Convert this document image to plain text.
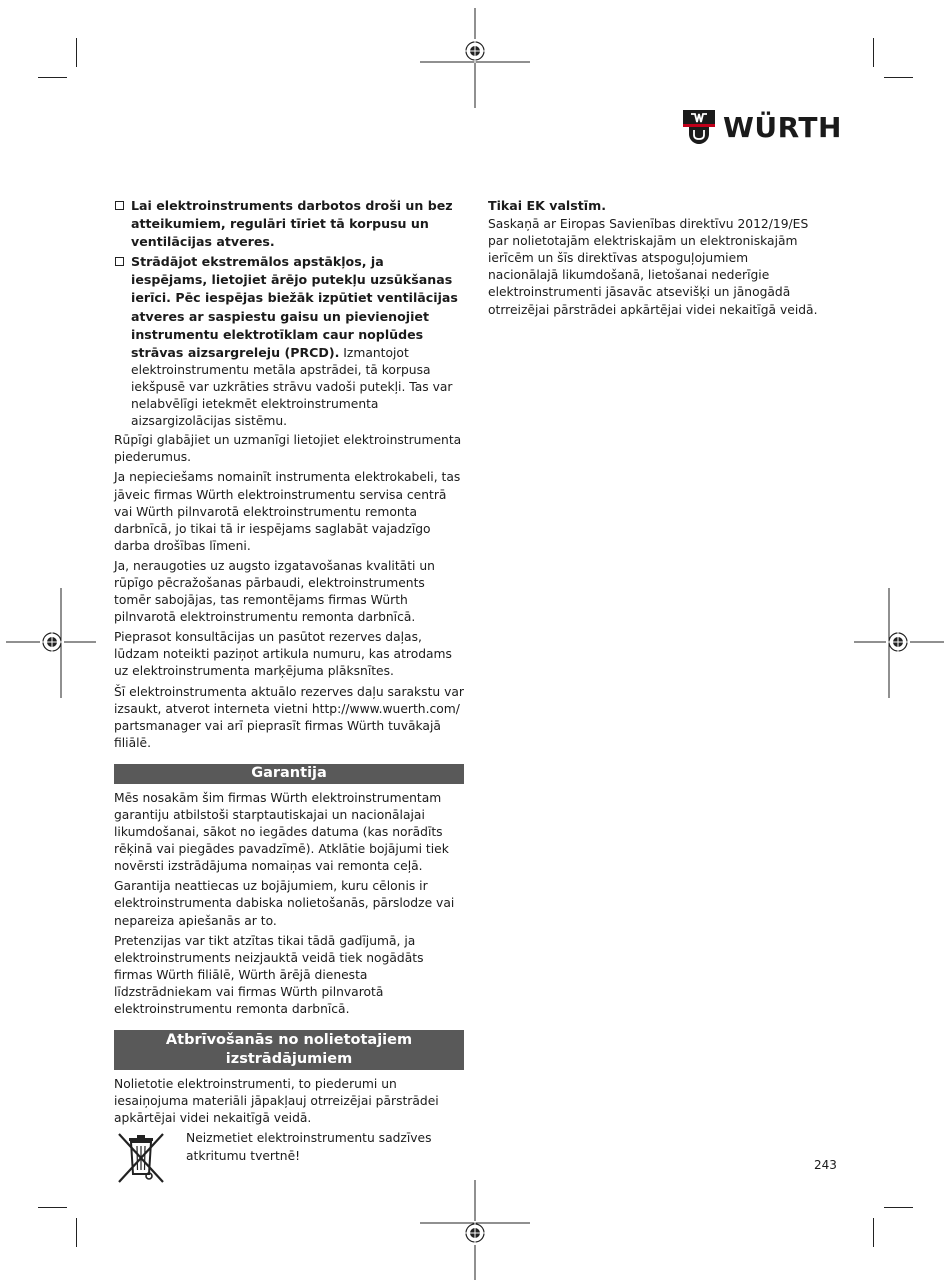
WÜRTH
Lai elektroinstruments darbotos droši un bez atteikumiem, regulāri tīriet tā korpusu un ventilācijas atveres.
Strādājot ekstremālos apstākļos, ja iespējams, lietojiet ārējo putekļu uzsūkšanas ierīci. Pēc iespējas biežāk izpūtiet ventilācijas atveres ar saspiestu gaisu un pievienojiet instrumentu elektrotīklam caur noplūdes strāvas aizsargreleju (PRCD). Izmantojot elektroinstrumentu metāla apstrādei, tā korpusa iekšpusē var uzkrāties strāvu vadoši putekļi. Tas var nelabvēlīgi ietekmēt elektroinstrumenta aizsargizolācijas sistēmu.

Rūpīgi glabājiet un uzmanīgi lietojiet elektroinstrumenta piederumus.

Ja nepieciešams nomainīt instrumenta elektrokabeli, tas jāveic firmas Würth elektroinstrumentu servisa centrā vai Würth pilnvarotā elektroinstrumentu remonta darbnīcā, jo tikai tā ir iespējams saglabāt vajadzīgo darba drošības līmeni.

Ja, neraugoties uz augsto izgatavošanas kvalitāti un rūpīgo pēcražošanas pārbaudi, elektroinstruments tomēr sabojājas, tas remontējams firmas Würth pilnvarotā elektroinstrumentu remonta darbnīcā.

Pieprasot konsultācijas un pasūtot rezerves daļas, lūdzam noteikti paziņot artikula numuru, kas atrodams uz elektroinstrumenta marķējuma plāksnītes.

Šī elektroinstrumenta aktuālo rezerves daļu sarakstu var izsaukt, atverot interneta vietni http://www.wuerth.com/ partsmanager vai arī pieprasīt firmas Würth tuvākajā filiālē.

Garantija

Mēs nosakām šim firmas Würth elektroinstrumentam garantiju atbilstoši starptautiskajai un nacionālajai likumdošanai, sākot no iegādes datuma (kas norādīts rēķinā vai piegādes pavadzīmē). Atklātie bojājumi tiek novērsti izstrādājuma nomaiņas vai remonta ceļā.

Garantija neattiecas uz bojājumiem, kuru cēlonis ir elektroinstrumenta dabiska nolietošanās, pārslodze vai nepareiza apiešanās ar to.

Pretenzijas var tikt atzītas tikai tādā gadījumā, ja elektroinstruments neizjauktā veidā tiek nogādāts firmas Würth filiālē, Würth ārējā dienesta līdzstrādniekam vai firmas Würth pilnvarotā elektroinstrumentu remonta darbnīcā.

Atbrīvošanās no nolietotajiem izstrādājumiem

Nolietotie elektroinstrumenti, to piederumi un iesaiņojuma materiāli jāpakļauj otrreizējai pārstrādei apkārtējai videi nekaitīgā veidā.

Neizmetiet elektroinstrumentu sadzīves atkritumu tvertnē!

Tikai EK valstīm.

Saskaņā ar Eiropas Savienības direktīvu 2012/19/ES par nolietotajām elektriskajām un elektroniskajām ierīcēm un šīs direktīvas atspoguļojumiem nacionālajā likumdošanā, lietošanai nederīgie elektroinstrumenti jāsavāc atsevišķi un jānogādā otrreizējai pārstrādei apkārtējai videi nekaitīgā veidā.

243
